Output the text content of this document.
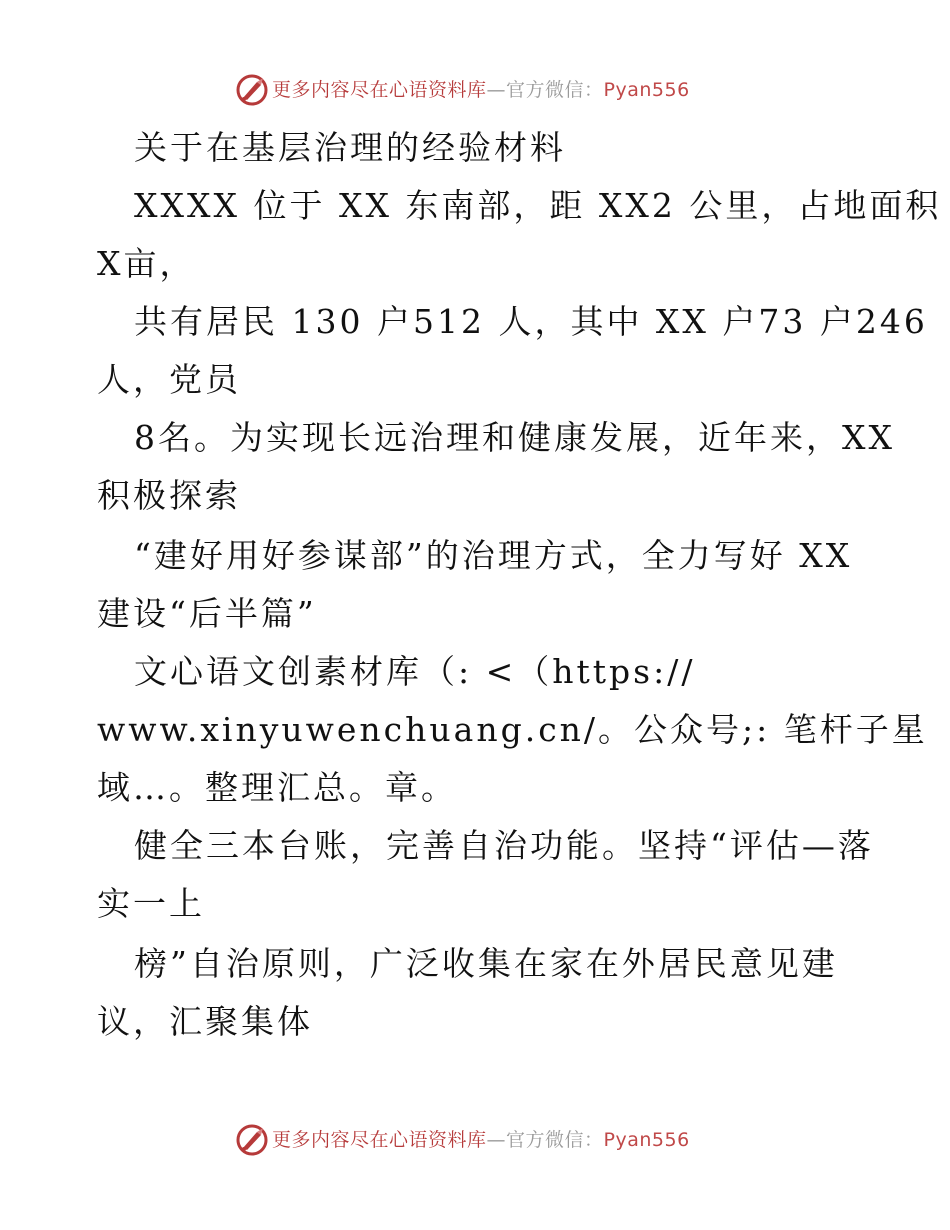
更多内容尽在心语资料库—官方微信：Pyan556
关于在基层治理的经验材料
XXXX 位于 XX 东南部，距 XX2 公里，占地面积
X亩，
共有居民 130 户512 人，其中 XX 户73 户246
人，党员
8名。为实现长远治理和健康发展，近年来，XX
积极探索
“建好用好参谋部”的治理方式，全力写好 XX
建设“后半篇”
文心语文创素材库（: <（https://
www.xinyuwenchuang.cn/。公众号;: 笔杆子星
域…。整理汇总。章。
健全三本台账，完善自治功能。坚持“评估—落
实一上
榜”自治原则，广泛收集在家在外居民意见建
议，汇聚集体
更多内容尽在心语资料库—官方微信：Pyan556
